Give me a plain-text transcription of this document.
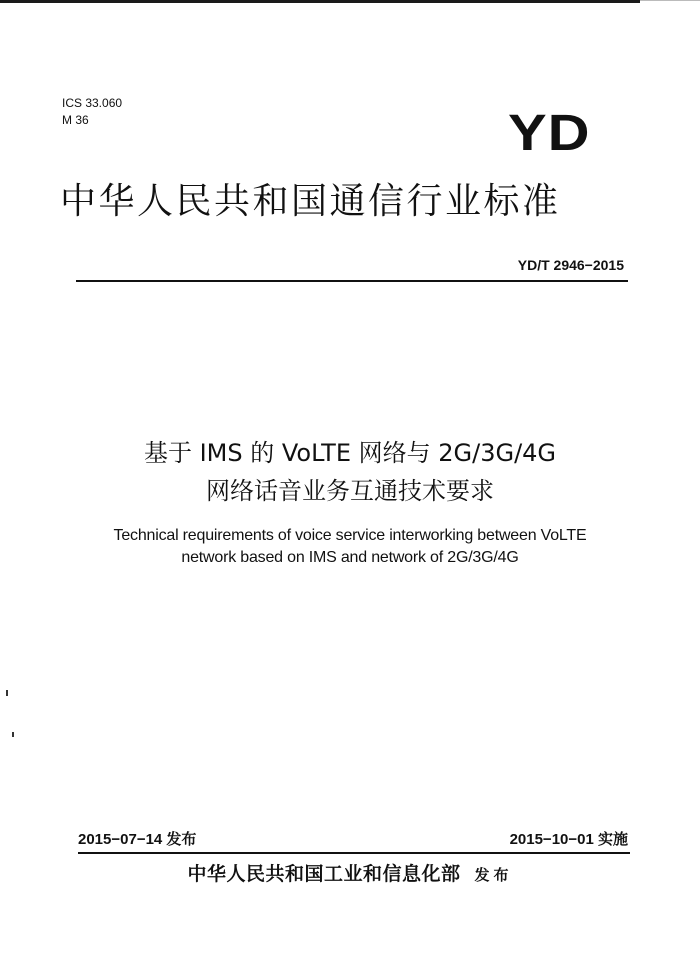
ICS 33.060
M 36	YD
中华人民共和国通信行业标准
YD/T 2946−2015
基于 IMS 的 VoLTE 网络与 2G/3G/4G
网络话音业务互通技术要求
Technical requirements of voice service interworking between VoLTE
network based on IMS and network of 2G/3G/4G
2015−07−14 发布	2015−10−01 实施
中华人民共和国工业和信息化部 发布
